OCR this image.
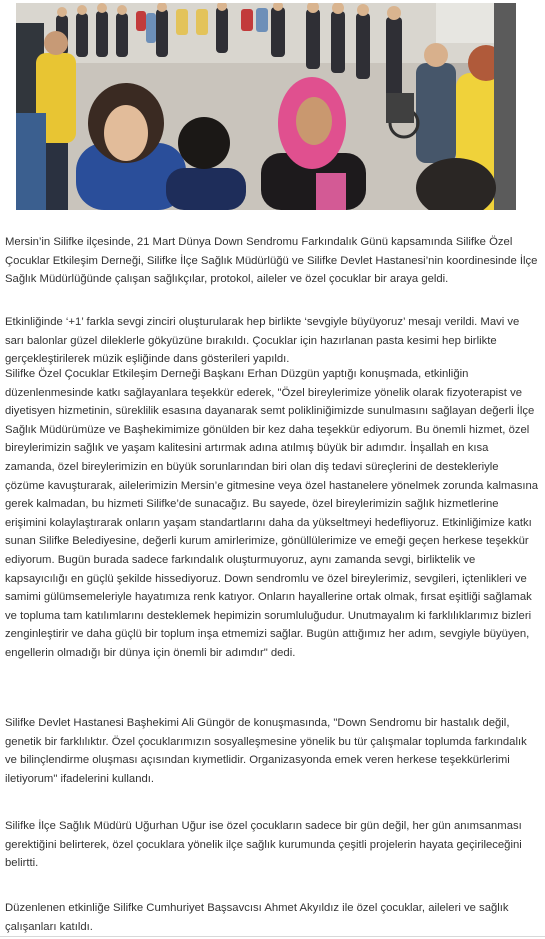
Mersin’in Silifke ilçesinde, 21 Mart Dünya Down Sendromu Farkındalık Günü kapsamında Silifke Özel Çocuklar Etkileşim Derneği, Silifke İlçe Sağlık Müdürlüğü ve Silifke Devlet Hastanesi’nin koordinesinde İlçe Sağlık Müdürlüğünde çalışan sağlıkçılar, protokol, aileler ve özel çocuklar bir araya geldi.
Etkinliğinde ‘+1’ farkla sevgi zinciri oluşturularak hep birlikte ‘sevgiyle büyüyoruz’ mesajı verildi. Mavi ve sarı balonlar güzel dileklerle gökyüzüne bırakıldı. Çocuklar için hazırlanan pasta kesimi hep birlikte gerçekleştirilerek müzik eşliğinde dans gösterileri yapıldı.
Silifke Özel Çocuklar Etkileşim Derneği Başkanı Erhan Düzgün yaptığı konuşmada, etkinliğin düzenlenmesinde katkı sağlayanlara teşekkür ederek, "Özel bireylerimize yönelik olarak fizyoterapist ve diyetisyen hizmetinin, süreklilik esasına dayanarak semt polikliniğimizde sunulmasını sağlayan değerli İlçe Sağlık Müdürümüze ve Başhekimimize gönülden bir kez daha teşekkür ediyorum. Bu önemli hizmet, özel bireylerimizin sağlık ve yaşam kalitesini artırmak adına atılmış büyük bir adımdır. İnşallah en kısa zamanda, özel bireylerimizin en büyük sorunlarından biri olan diş tedavi süreçlerini de destekleriyle çözüme kavuşturarak, ailelerimizin Mersin’e gitmesine veya özel hastanelere yönelmek zorunda kalmasına gerek kalmadan, bu hizmeti Silifke’de sunacağız. Bu sayede, özel bireylerimizin sağlık hizmetlerine erişimini kolaylaştırarak onların yaşam standartlarını daha da yükseltmeyi hedefliyoruz. Etkinliğimize katkı sunan Silifke Belediyesine, değerli kurum amirlerimize, gönüllülerimize ve emeği geçen herkese teşekkür ediyorum. Bugün burada sadece farkındalık oluşturmuyoruz, aynı zamanda sevgi, birliktelik ve kapsayıcılığı en güçlü şekilde hissediyoruz. Down sendromlu ve özel bireylerimiz, sevgileri, içtenlikleri ve samimi gülümsemeleriyle hayatımıza renk katıyor. Onların hayallerine ortak olmak, fırsat eşitliği sağlamak ve topluma tam katılımlarını desteklemek hepimizin sorumluluğudur. Unutmayalım ki farklılıklarımız bizleri zenginleştirir ve daha güçlü bir toplum inşa etmemizi sağlar. Bugün attığımız her adım, sevgiyle büyüyen, engellerin olmadığı bir dünya için önemli bir adımdır" dedi.
Silifke Devlet Hastanesi Başhekimi Ali Güngör de konuşmasında, "Down Sendromu bir hastalık değil, genetik bir farklılıktır. Özel çocuklarımızın sosyalleşmesine yönelik bu tür çalışmalar toplumda farkındalık ve bilinçlendirme oluşması açısından kıymetlidir. Organizasyonda emek veren herkese teşekkürlerimi iletiyorum" ifadelerini kullandı.
Silifke İlçe Sağlık Müdürü Uğurhan Uğur ise özel çocukların sadece bir gün değil, her gün anımsanması gerektiğini belirterek, özel çocuklara yönelik ilçe sağlık kurumunda çeşitli projelerin hayata geçirileceğini belirtti.
Düzenlenen etkinliğe Silifke Cumhuriyet Başsavcısı Ahmet Akyıldız ile özel çocuklar, aileleri ve sağlık çalışanları katıldı.
